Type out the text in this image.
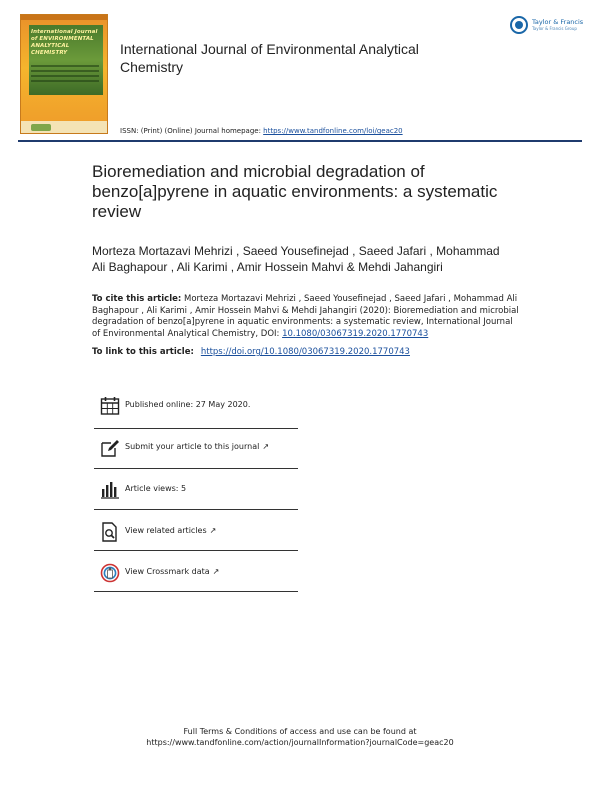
International Journal of ENVIRONMENTAL ANALYTICAL CHEMISTRY
Taylor & Francis
Taylor & Francis Group
International Journal of Environmental Analytical Chemistry
ISSN: (Print) (Online) Journal homepage: https://www.tandfonline.com/loi/geac20
Bioremediation and microbial degradation of benzo[a]pyrene in aquatic environments: a systematic review
Morteza Mortazavi Mehrizi , Saeed Yousefinejad , Saeed Jafari , Mohammad Ali Baghapour , Ali Karimi , Amir Hossein Mahvi & Mehdi Jahangiri
To cite this article: Morteza Mortazavi Mehrizi , Saeed Yousefinejad , Saeed Jafari , Mohammad Ali Baghapour , Ali Karimi , Amir Hossein Mahvi & Mehdi Jahangiri (2020): Bioremediation and microbial degradation of benzo[a]pyrene in aquatic environments: a systematic review, International Journal of Environmental Analytical Chemistry, DOI: 10.1080/03067319.2020.1770743
To link to this article: https://doi.org/10.1080/03067319.2020.1770743
Published online: 27 May 2020.
Submit your article to this journal ↗
Article views: 5
View related articles ↗
View Crossmark data ↗
Full Terms & Conditions of access and use can be found at
https://www.tandfonline.com/action/journalInformation?journalCode=geac20
